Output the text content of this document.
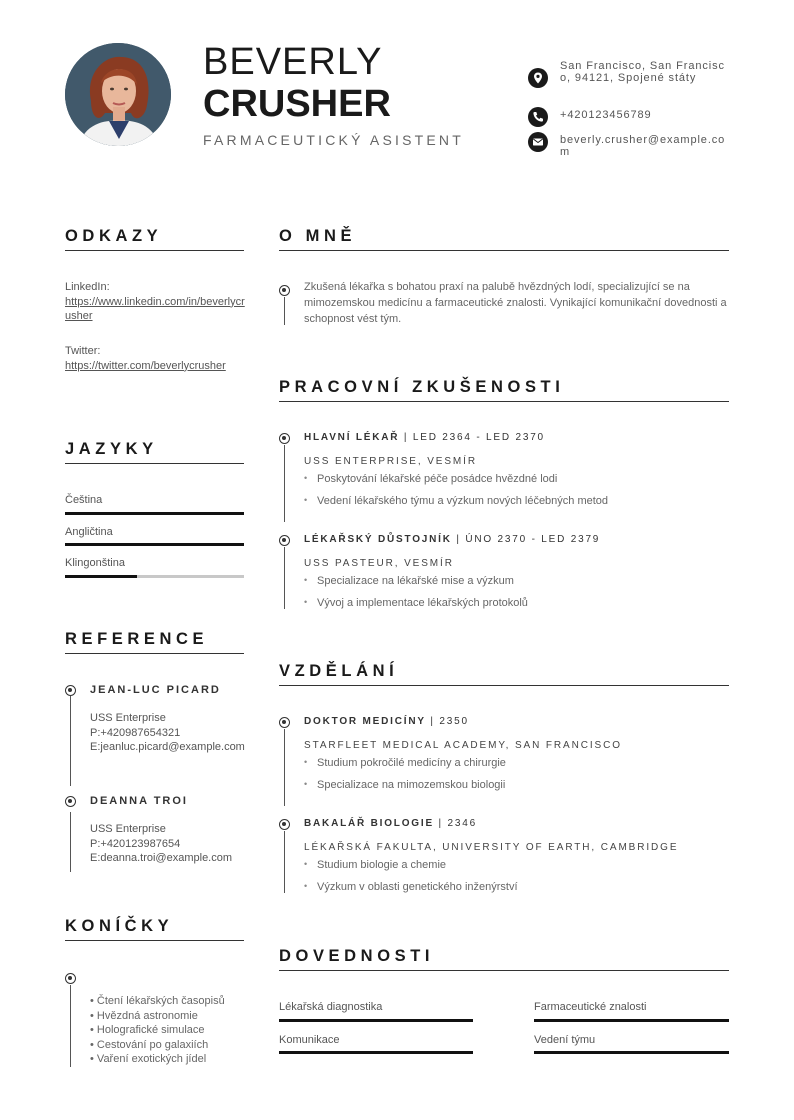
BEVERLY
CRUSHER
FARMACEUTICKÝ ASISTENT
San Francisco, San Francisco, 94121, Spojené státy
+420123456789
beverly.crusher@example.com
ODKAZY
LinkedIn:
https://www.linkedin.com/in/beverlycrusher
Twitter:
https://twitter.com/beverlycrusher
JAZYKY
Čeština
Angličtina
Klingonština
REFERENCE
JEAN-LUC PICARD
USS Enterprise
P:+420987654321
E:jeanluc.picard@example.com
DEANNA TROI
USS Enterprise
P:+420123987654
E:deanna.troi@example.com
KONÍČKY
• Čtení lékařských časopisů
• Hvězdná astronomie
• Holografické simulace
• Cestování po galaxiích
• Vaření exotických jídel
O MNĚ
Zkušená lékařka s bohatou praxí na palubě hvězdných lodí, specializující se na mimozemskou medicínu a farmaceutické znalosti. Vynikající komunikační dovednosti a schopnost vést tým.
PRACOVNÍ ZKUŠENOSTI
HLAVNÍ LÉKAŘ | LED 2364 - LED 2370
USS ENTERPRISE, VESMÍR
• Poskytování lékařské péče posádce hvězdné lodi
• Vedení lékařského týmu a výzkum nových léčebných metod
LÉKAŘSKÝ DŮSTOJNÍK | ÚNO 2370 - LED 2379
USS PASTEUR, VESMÍR
• Specializace na lékařské mise a výzkum
• Vývoj a implementace lékařských protokolů
VZDĚLÁNÍ
DOKTOR MEDICÍNY | 2350
STARFLEET MEDICAL ACADEMY, SAN FRANCISCO
• Studium pokročilé medicíny a chirurgie
• Specializace na mimozemskou biologii
BAKALÁŘ BIOLOGIE | 2346
LÉKAŘSKÁ FAKULTA, UNIVERSITY OF EARTH, CAMBRIDGE
• Studium biologie a chemie
• Výzkum v oblasti genetického inženýrství
DOVEDNOSTI
Lékařská diagnostika	Farmaceutické znalosti
Komunikace	Vedení týmu
